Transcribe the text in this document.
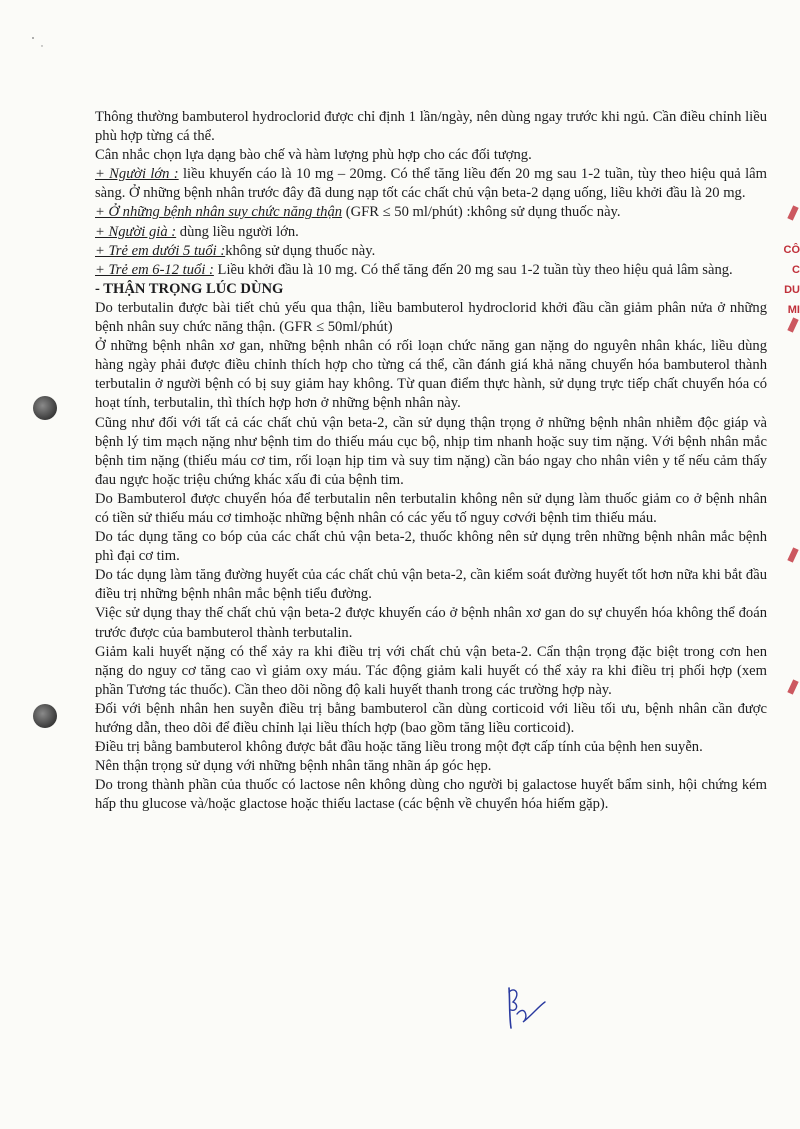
CÔ
C
DU
MI

Thông thường bambuterol hydroclorid được chỉ định 1 lần/ngày, nên dùng ngay trước khi ngủ. Cần điều chỉnh liều phù hợp từng cá thể.

Cân nhắc chọn lựa dạng bào chế và hàm lượng phù hợp cho các đối tượng.

+ Người lớn : liều khuyến cáo là 10 mg – 20mg. Có thể tăng liều đến 20 mg sau 1-2 tuần, tùy theo hiệu quả lâm sàng. Ở những bệnh nhân trước đây đã dung nạp tốt các chất chủ vận beta-2 dạng uống, liều khởi đầu là 20 mg.

+ Ở những bệnh nhân suy chức năng thận (GFR ≤ 50 ml/phút) :không sử dụng thuốc này.

+ Người già : dùng liều người lớn.

+ Trẻ em dưới 5 tuổi :không sử dụng thuốc này.

+ Trẻ em 6-12 tuổi : Liều khởi đầu là 10 mg. Có thể tăng đến 20 mg sau 1-2 tuần tùy theo hiệu quả lâm sàng.

- THẬN TRỌNG LÚC DÙNG

Do terbutalin được bài tiết chủ yếu qua thận, liều bambuterol hydroclorid khởi đầu cần giảm phân nửa ở những bệnh nhân suy chức năng thận. (GFR ≤ 50ml/phút)

Ở những bệnh nhân xơ gan, những bệnh nhân có rối loạn chức năng gan nặng do nguyên nhân khác, liều dùng hàng ngày phải được điều chỉnh thích hợp cho từng cá thể, cần đánh giá khả năng chuyển hóa bambuterol thành terbutalin ở người bệnh có bị suy giảm hay không. Từ quan điểm thực hành, sử dụng trực tiếp chất chuyển hóa có hoạt tính, terbutalin, thì thích hợp hơn ở những bệnh nhân này.

Cũng như đối với tất cả các chất chủ vận beta-2, cần sử dụng thận trọng ở những bệnh nhân nhiễm độc giáp và bệnh lý tim mạch nặng như bệnh tim do thiếu máu cục bộ, nhịp tim nhanh hoặc suy tim nặng. Với bệnh nhân mắc bệnh tim nặng (thiếu máu cơ tim, rối loạn hịp tim và suy tim nặng) cần báo ngay cho nhân viên y tế nếu cảm thấy đau ngực hoặc triệu chứng khác xấu đi của bệnh tim.

Do Bambuterol được chuyển hóa để terbutalin nên terbutalin không nên sử dụng làm thuốc giảm co ở bệnh nhân có tiền sử thiếu máu cơ timhoặc những bệnh nhân có các yếu tố nguy cơvới bệnh tim thiếu máu.

Do tác dụng tăng co bóp của các chất chủ vận beta-2, thuốc không nên sử dụng trên những bệnh nhân mắc bệnh phì đại cơ tim.

Do tác dụng làm tăng đường huyết của các chất chủ vận beta-2, cần kiểm soát đường huyết tốt hơn nữa khi bắt đầu điều trị những bệnh nhân mắc bệnh tiểu đường.

Việc sử dụng thay thế chất chủ vận beta-2 được khuyến cáo ở bệnh nhân xơ gan do sự chuyển hóa không thể đoán trước được của bambuterol thành terbutalin.

Giảm kali huyết nặng có thể xảy ra khi điều trị với chất chủ vận beta-2. Cẩn thận trọng đặc biệt trong cơn hen nặng do nguy cơ tăng cao vì giảm oxy máu. Tác động giảm kali huyết có thể xảy ra khi điều trị phối hợp (xem phần Tương tác thuốc). Cần theo dõi nồng độ kali huyết thanh trong các trường hợp này.

Đối với bệnh nhân hen suyễn điều trị bằng bambuterol cần dùng corticoid với liều tối ưu, bệnh nhân cần được hướng dẫn, theo dõi để điều chỉnh lại liều thích hợp (bao gồm tăng liều corticoid).

Điều trị bằng bambuterol không được bắt đầu hoặc tăng liều trong một đợt cấp tính của bệnh hen suyễn.

Nên thận trọng sử dụng với những bệnh nhân tăng nhãn áp góc hẹp.

Do trong thành phần của thuốc có lactose nên không dùng cho người bị galactose huyết bẩm sinh, hội chứng kém hấp thu glucose và/hoặc glactose hoặc thiếu lactase (các bệnh về chuyển hóa hiếm gặp).
